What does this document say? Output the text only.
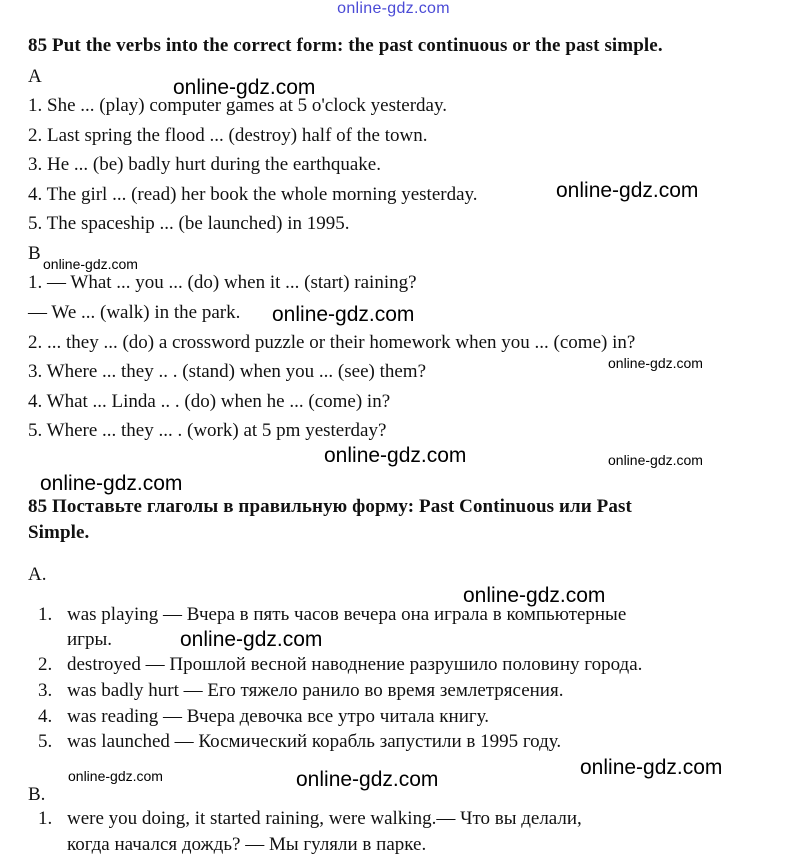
online-gdz.com
85 Put the verbs into the correct form: the past continuous or the past simple.
A
1. She ... (play) computer games at 5 o'clock yesterday.
2. Last spring the flood ... (destroy) half of the town.
3. He ... (be) badly hurt during the earthquake.
4. The girl ... (read) her book the whole morning yesterday.
5. The spaceship ... (be launched) in 1995.
B
1. — What ... you ... (do) when it ... (start) raining?
— We ... (walk) in the park.
2. ... they ... (do) a crossword puzzle or their homework when you ... (come) in?
3. Where ... they .. . (stand) when you ... (see) them?
4. What ... Linda .. . (do) when he ... (come) in?
5. Where ... they ... . (work) at 5 pm yesterday?
85 Поставьте глаголы в правильную форму: Past Continuous или Past
Simple.
A.
1. was playing — Вчера в пять часов вечера она играла в компьютерные
игры.
2. destroyed — Прошлой весной наводнение разрушило половину города.
3. was badly hurt — Его тяжело ранило во время землетрясения.
4. was reading — Вчера девочка все утро читала книгу.
5. was launched — Космический корабль запустили в 1995 году.
B.
1. were you doing, it started raining, were walking.— Что вы делали,
когда начался дождь? — Мы гуляли в парке.
online-gdz.com
online-gdz.com
online-gdz.com
online-gdz.com
online-gdz.com
online-gdz.com	online-gdz.com
online-gdz.com
online-gdz.com
online-gdz.com
online-gdz.com
online-gdz.com	online-gdz.com
